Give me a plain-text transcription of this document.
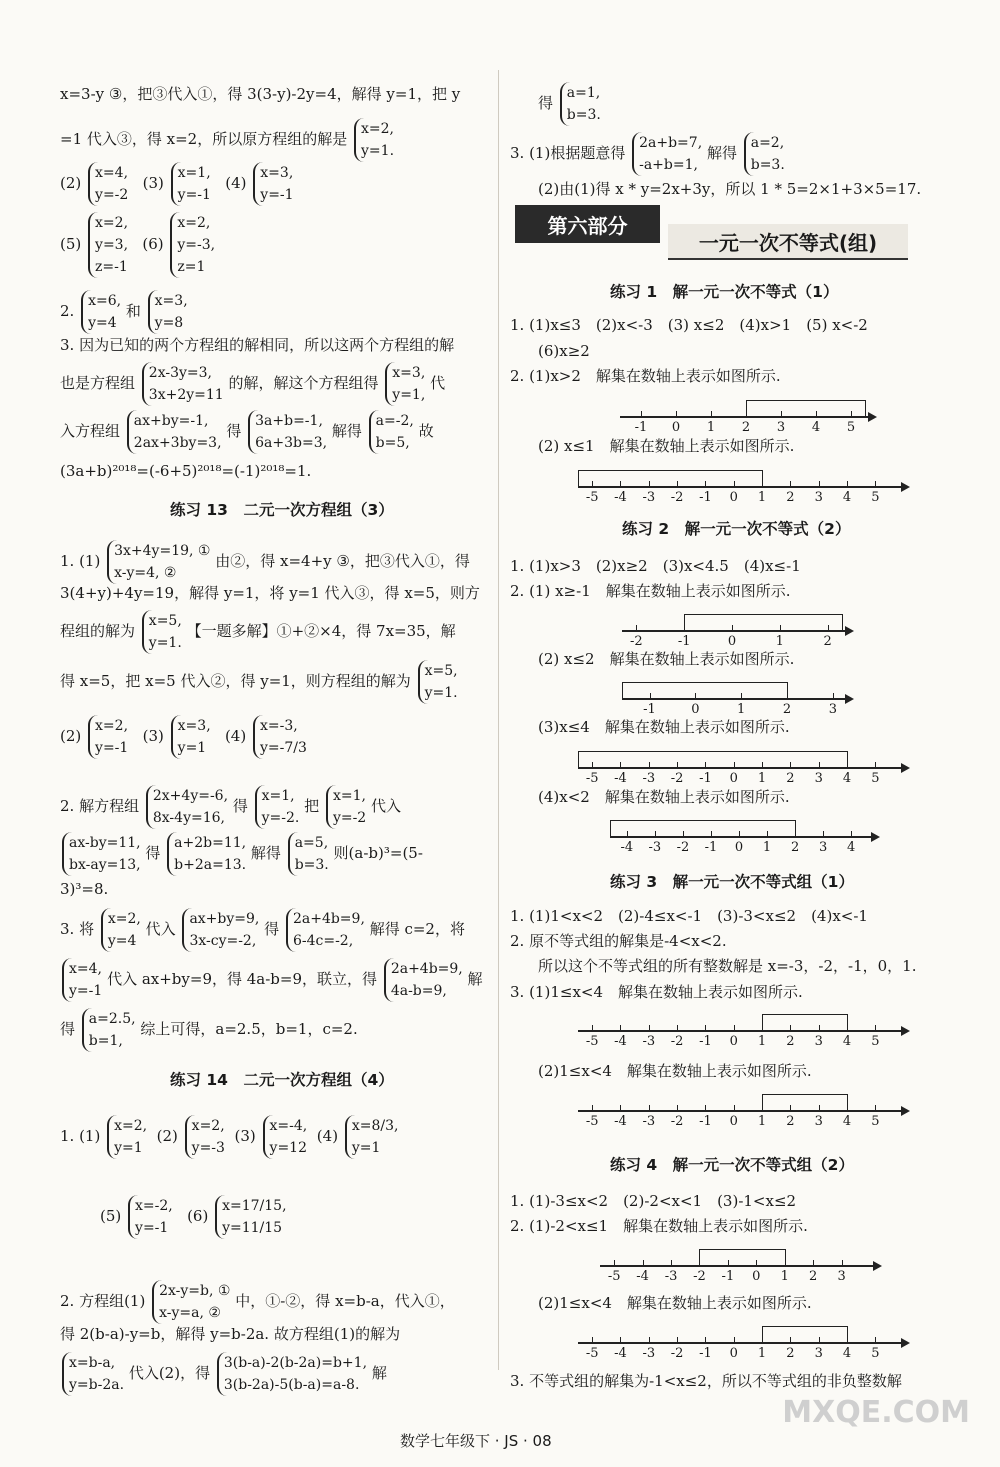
x=3-y ③，把③代入①，得 3(3-y)-2y=4，解得 y=1，把 y
=1 代入③，得 x=2，所以原方程组的解是
x=2,
y=1.
(2)
x=4,
y=-2
(3)
x=1,
y=-1
(4)
x=3,
y=-1
(5)
x=2,
y=3,
z=-1
(6)
x=2,
y=-3,
z=1
2.
x=6,
y=4
和
x=3,
y=8
3. 因为已知的两个方程组的解相同，所以这两个方程组的解
也是方程组
2x-3y=3,
3x+2y=11
的解，解这个方程组得
x=3,
y=1,
代
入方程组
ax+by=-1,
2ax+3by=3,
得
3a+b=-1,
6a+3b=3,
解得
a=-2,
b=5,
故
(3a+b)²⁰¹⁸=(-6+5)²⁰¹⁸=(-1)²⁰¹⁸=1.
练习 13　二元一次方程组（3）
1. (1)
3x+4y=19, ①
x-y=4, ②
由②，得 x=4+y ③，把③代入①，得
3(4+y)+4y=19，解得 y=1，将 y=1 代入③，得 x=5，则方
程组的解为
x=5,
y=1.
【一题多解】①+②×4，得 7x=35，解
得 x=5，把 x=5 代入②，得 y=1，则方程组的解为
x=5,
y=1.
(2)
x=2,
y=-1
(3)
x=3,
y=1
(4)
x=-3,
y=-7/3
2. 解方程组
2x+4y=-6,
8x-4y=16,
得
x=1,
y=-2.
把
x=1,
y=-2
代入
ax-by=11,
bx-ay=13,
得
a+2b=11,
b+2a=13.
解得
a=5,
b=3.
则(a-b)³=(5-
3)³=8.
3. 将
x=2,
y=4
代入
ax+by=9,
3x-cy=-2,
得
2a+4b=9,
6-4c=-2,
解得 c=2，将
x=4,
y=-1
代入 ax+by=9，得 4a-b=9，联立，得
2a+4b=9,
4a-b=9,
解
得
a=2.5,
b=1,
综上可得，a=2.5，b=1，c=2.
练习 14　二元一次方程组（4）
1. (1)
x=2,
y=1
(2)
x=2,
y=-3
(3)
x=-4,
y=12
(4)
x=8/3,
y=1
(5)
x=-2,
y=-1
(6)
x=17/15,
y=11/15
2. 方程组(1)
2x-y=b, ①
x-y=a, ②
中，①-②，得 x=b-a，代入①，
得 2(b-a)-y=b，解得 y=b-2a. 故方程组(1)的解为
x=b-a,
y=b-2a.
代入(2)，得
3(b-a)-2(b-2a)=b+1,
3(b-2a)-5(b-a)=a-8.
解
得
a=1,
b=3.
3. (1)根据题意得
2a+b=7,
-a+b=1,
解得
a=2,
b=3.
(2)由(1)得 x * y=2x+3y，所以 1 * 5=2×1+3×5=17.
第六部分
一元一次不等式(组)
练习 1　解一元一次不等式（1）
1. (1)x≤3　(2)x<-3　(3) x≤2　(4)x>1　(5) x<-2
(6)x≥2
2. (1)x>2　解集在数轴上表示如图所示.
-1 0 1 2 3 4 5
(2) x≤1　解集在数轴上表示如图所示.
-5 -4 -3 -2 -1 0 1 2 3 4 5
练习 2　解一元一次不等式（2）
1. (1)x>3　(2)x≥2　(3)x<4.5　(4)x≤-1
2. (1) x≥-1　解集在数轴上表示如图所示.
-2	-1	0	1	2
(2) x≤2　解集在数轴上表示如图所示.
-1	0	1	2	3
(3)x≤4　解集在数轴上表示如图所示.
-5 -4 -3 -2 -1 0 1 2 3 4 5
(4)x<2　解集在数轴上表示如图所示.
-4 -3 -2 -1 0 1 2 3 4
练习 3　解一元一次不等式组（1）
1. (1)1<x<2　(2)-4≤x<-1　(3)-3<x≤2　(4)x<-1
2. 原不等式组的解集是-4<x<2.
所以这个不等式组的所有整数解是 x=-3，-2，-1，0，1.
3. (1)1≤x<4　解集在数轴上表示如图所示.
-5 -4 -3 -2 -1 0 1 2 3 4 5
(2)1≤x<4　解集在数轴上表示如图所示.
-5 -4 -3 -2 -1 0 1 2 3 4 5
练习 4　解一元一次不等式组（2）
1. (1)-3≤x<2　(2)-2<x<1　(3)-1<x≤2
2. (1)-2<x≤1　解集在数轴上表示如图所示.
-5 -4 -3 -2 -1 0 1 2 3
(2)1≤x<4　解集在数轴上表示如图所示.
-5 -4 -3 -2 -1 0 1 2 3 4 5
3. 不等式组的解集为-1<x≤2，所以不等式组的非负整数解
数学七年级下 · JS · 08
MXQE.COM
